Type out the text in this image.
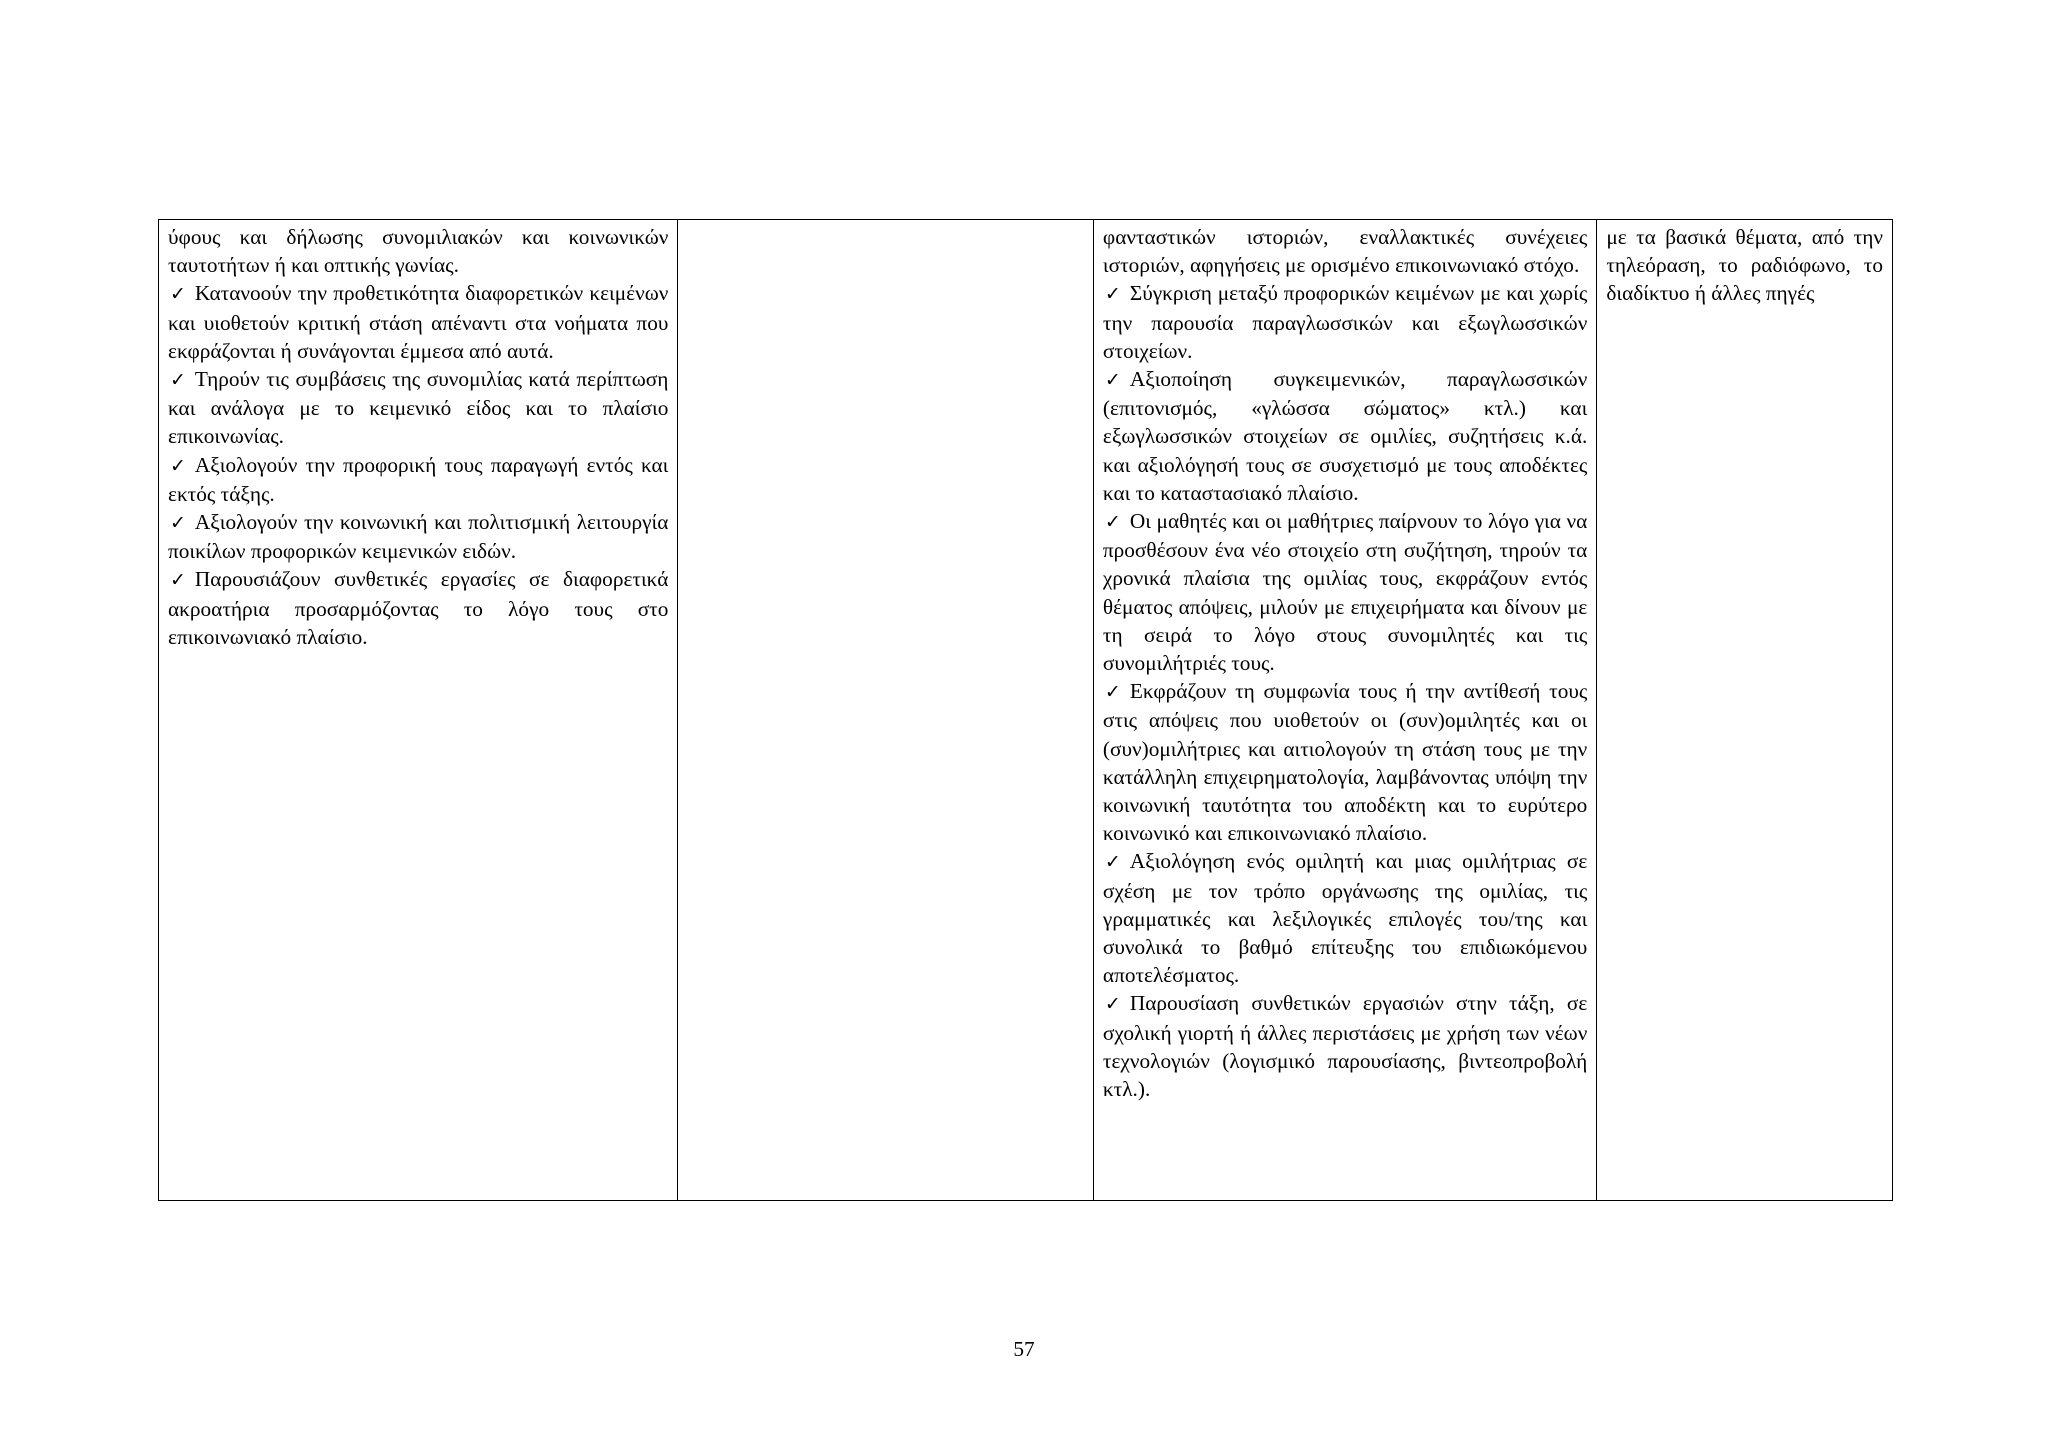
ύφους και δήλωσης συνομιλιακών και κοινωνικών ταυτοτήτων ή και οπτικής γωνίας.

✓ Κατανοούν την προθετικότητα διαφορετικών κειμένων και υιοθετούν κριτική στάση απέναντι στα νοήματα που εκφράζονται ή συνάγονται έμμεσα από αυτά.

✓ Τηρούν τις συμβάσεις της συνομιλίας κατά περίπτωση και ανάλογα με το κειμενικό είδος και το πλαίσιο επικοινωνίας.

✓ Αξιολογούν την προφορική τους παραγωγή εντός και εκτός τάξης.

✓ Αξιολογούν την κοινωνική και πολιτισμική λειτουργία ποικίλων προφορικών κειμενικών ειδών.

✓ Παρουσιάζουν συνθετικές εργασίες σε διαφορετικά ακροατήρια προσαρμόζοντας το λόγο τους στο επικοινωνιακό πλαίσιο.

φανταστικών ιστοριών, εναλλακτικές συνέχειες ιστοριών, αφηγήσεις με ορισμένο επικοινωνιακό στόχο.

✓ Σύγκριση μεταξύ προφορικών κειμένων με και χωρίς την παρουσία παραγλωσσικών και εξωγλωσσικών στοιχείων.

✓ Αξιοποίηση συγκειμενικών, παραγλωσσικών (επιτονισμός, «γλώσσα σώματος» κτλ.) και εξωγλωσσικών στοιχείων σε ομιλίες, συζητήσεις κ.ά. και αξιολόγησή τους σε συσχετισμό με τους αποδέκτες και το καταστασιακό πλαίσιο.

✓ Οι μαθητές και οι μαθήτριες παίρνουν το λόγο για να προσθέσουν ένα νέο στοιχείο στη συζήτηση, τηρούν τα χρονικά πλαίσια της ομιλίας τους, εκφράζουν εντός θέματος απόψεις, μιλούν με επιχειρήματα και δίνουν με τη σειρά το λόγο στους συνομιλητές και τις συνομιλήτριές τους.

✓ Εκφράζουν τη συμφωνία τους ή την αντίθεσή τους στις απόψεις που υιοθετούν οι (συν)ομιλητές και οι (συν)ομιλήτριες και αιτιολογούν τη στάση τους με την κατάλληλη επιχειρηματολογία, λαμβάνοντας υπόψη την κοινωνική ταυτότητα του αποδέκτη και το ευρύτερο κοινωνικό και επικοινωνιακό πλαίσιο.

✓ Αξιολόγηση ενός ομιλητή και μιας ομιλήτριας σε σχέση με τον τρόπο οργάνωσης της ομιλίας, τις γραμματικές και λεξιλογικές επιλογές του/της και συνολικά το βαθμό επίτευξης του επιδιωκόμενου αποτελέσματος.

✓ Παρουσίαση συνθετικών εργασιών στην τάξη, σε σχολική γιορτή ή άλλες περιστάσεις με χρήση των νέων τεχνολογιών (λογισμικό παρουσίασης, βιντεοπροβολή κτλ.).

με τα βασικά θέματα, από την τηλεόραση, το ραδιόφωνο, το διαδίκτυο ή άλλες πηγές

57
